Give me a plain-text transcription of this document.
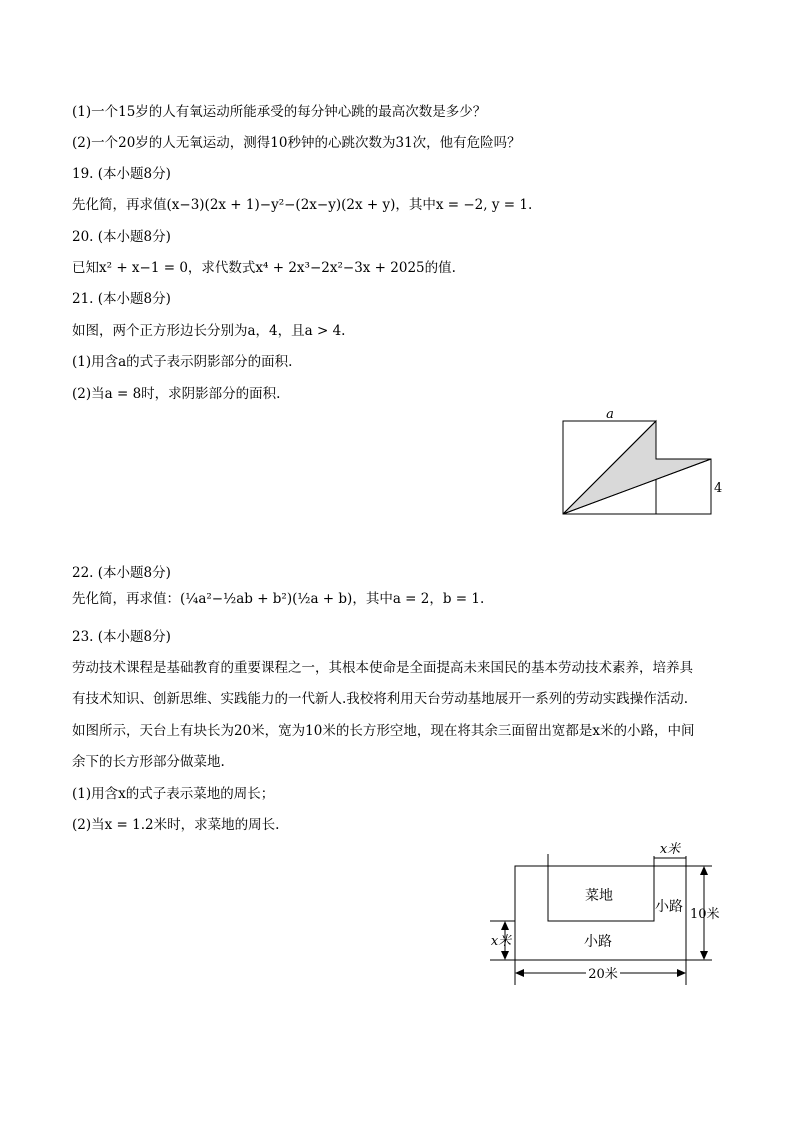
(1)一个15岁的人有氧运动所能承受的每分钟心跳的最高次数是多少？
(2)一个20岁的人无氧运动，测得10秒钟的心跳次数为31次，他有危险吗？
19. (本小题8分)
先化简，再求值(x−3)(2x + 1)−y²−(2x−y)(2x + y)，其中x = −2, y = 1.
20. (本小题8分)
已知x² + x−1 = 0，求代数式x⁴ + 2x³−2x²−3x + 2025的值.
21. (本小题8分)
如图，两个正方形边长分别为a，4，且a > 4.
(1)用含a的式子表示阴影部分的面积.
(2)当a = 8时，求阴影部分的面积.
a
4
22. (本小题8分)
先化简，再求值：(¼a²−½ab + b²)(½a + b)，其中a = 2，b = 1.
23. (本小题8分)
劳动技术课程是基础教育的重要课程之一，其根本使命是全面提高未来国民的基本劳动技术素养，培养具
有技术知识、创新思维、实践能力的一代新人.我校将利用天台劳动基地展开一系列的劳动实践操作活动.
如图所示，天台上有块长为20米，宽为10米的长方形空地，现在将其余三面留出宽都是x米的小路，中间
余下的长方形部分做菜地.
(1)用含x的式子表示菜地的周长；
(2)当x = 1.2米时，求菜地的周长.
菜地
小路
小路
x米
x米
10米
20米
